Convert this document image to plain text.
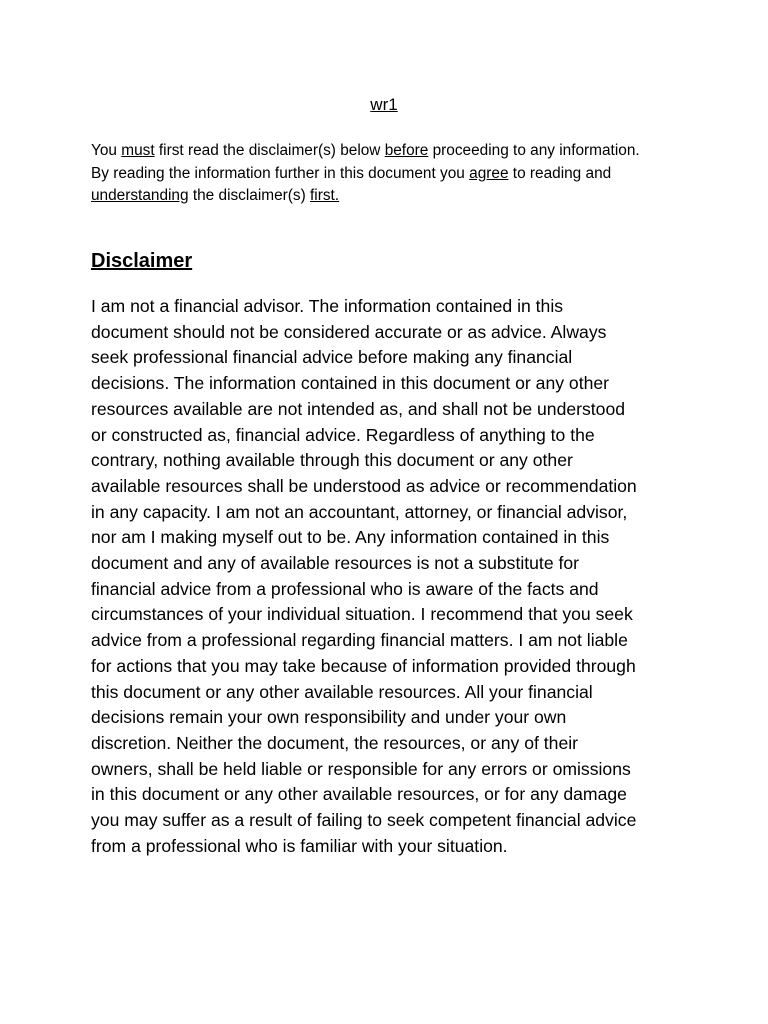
wr1
You must first read the disclaimer(s) below before proceeding to any information.
By reading the information further in this document you agree to reading and
understanding the disclaimer(s) first.
Disclaimer
I am not a financial advisor. The information contained in this
document should not be considered accurate or as advice. Always
seek professional financial advice before making any financial
decisions. The information contained in this document or any other
resources available are not intended as, and shall not be understood
or constructed as, financial advice. Regardless of anything to the
contrary, nothing available through this document or any other
available resources shall be understood as advice or recommendation
in any capacity. I am not an accountant, attorney, or financial advisor,
nor am I making myself out to be. Any information contained in this
document and any of available resources is not a substitute for
financial advice from a professional who is aware of the facts and
circumstances of your individual situation. I recommend that you seek
advice from a professional regarding financial matters. I am not liable
for actions that you may take because of information provided through
this document or any other available resources. All your financial
decisions remain your own responsibility and under your own
discretion. Neither the document, the resources, or any of their
owners, shall be held liable or responsible for any errors or omissions
in this document or any other available resources, or for any damage
you may suffer as a result of failing to seek competent financial advice
from a professional who is familiar with your situation.
